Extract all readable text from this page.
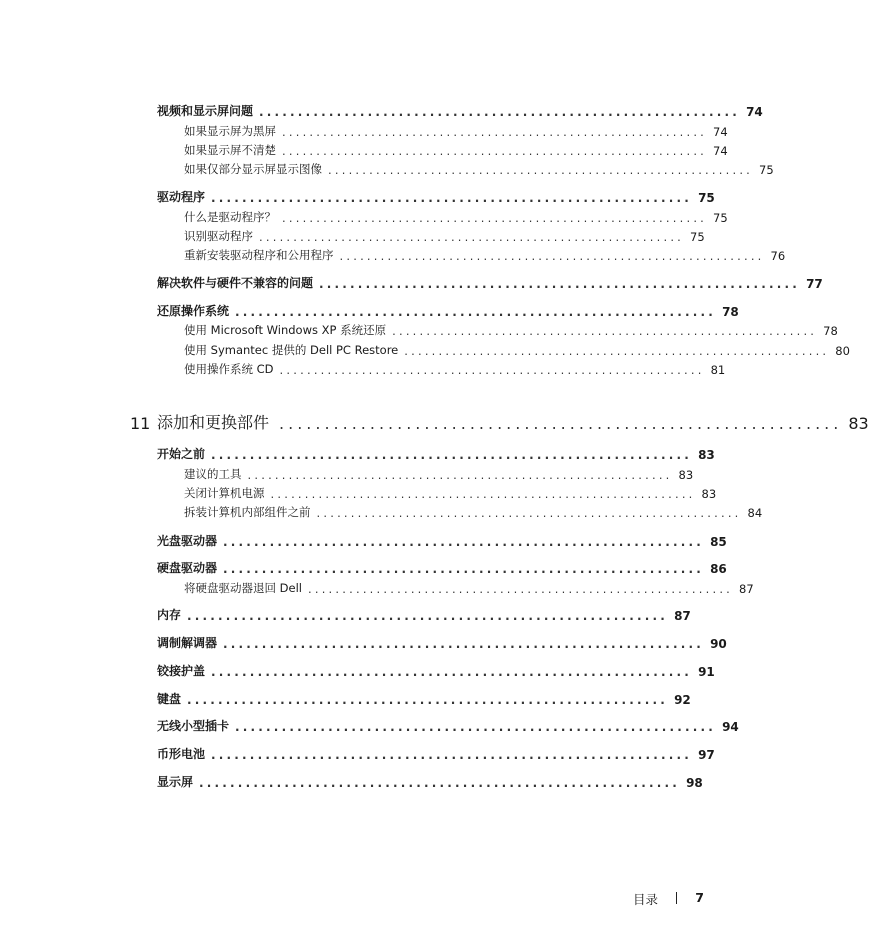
视频和显示屏问题 .............................................................. 74
如果显示屏为黑屏 .............................................................. 74
如果显示屏不清楚 .............................................................. 74
如果仅部分显示屏显示图像 .............................................................. 75
驱动程序 .............................................................. 75
什么是驱动程序？ .............................................................. 75
识别驱动程序 .............................................................. 75
重新安装驱动程序和公用程序 .............................................................. 76
解决软件与硬件不兼容的问题 .............................................................. 77
还原操作系统 .............................................................. 78
使用 Microsoft Windows XP 系统还原 .............................................................. 78
使用 Symantec 提供的 Dell PC Restore .............................................................. 80
使用操作系统 CD .............................................................. 81
11 添加和更换部件 .............................................................. 83
开始之前 .............................................................. 83
建议的工具 .............................................................. 83
关闭计算机电源 .............................................................. 83
拆装计算机内部组件之前 .............................................................. 84
光盘驱动器 .............................................................. 85
硬盘驱动器 .............................................................. 86
将硬盘驱动器退回 Dell .............................................................. 87
内存 .............................................................. 87
调制解调器 .............................................................. 90
铰接护盖 .............................................................. 91
键盘 .............................................................. 92
无线小型插卡 .............................................................. 94
币形电池 .............................................................. 97
显示屏 .............................................................. 98
目录	7
